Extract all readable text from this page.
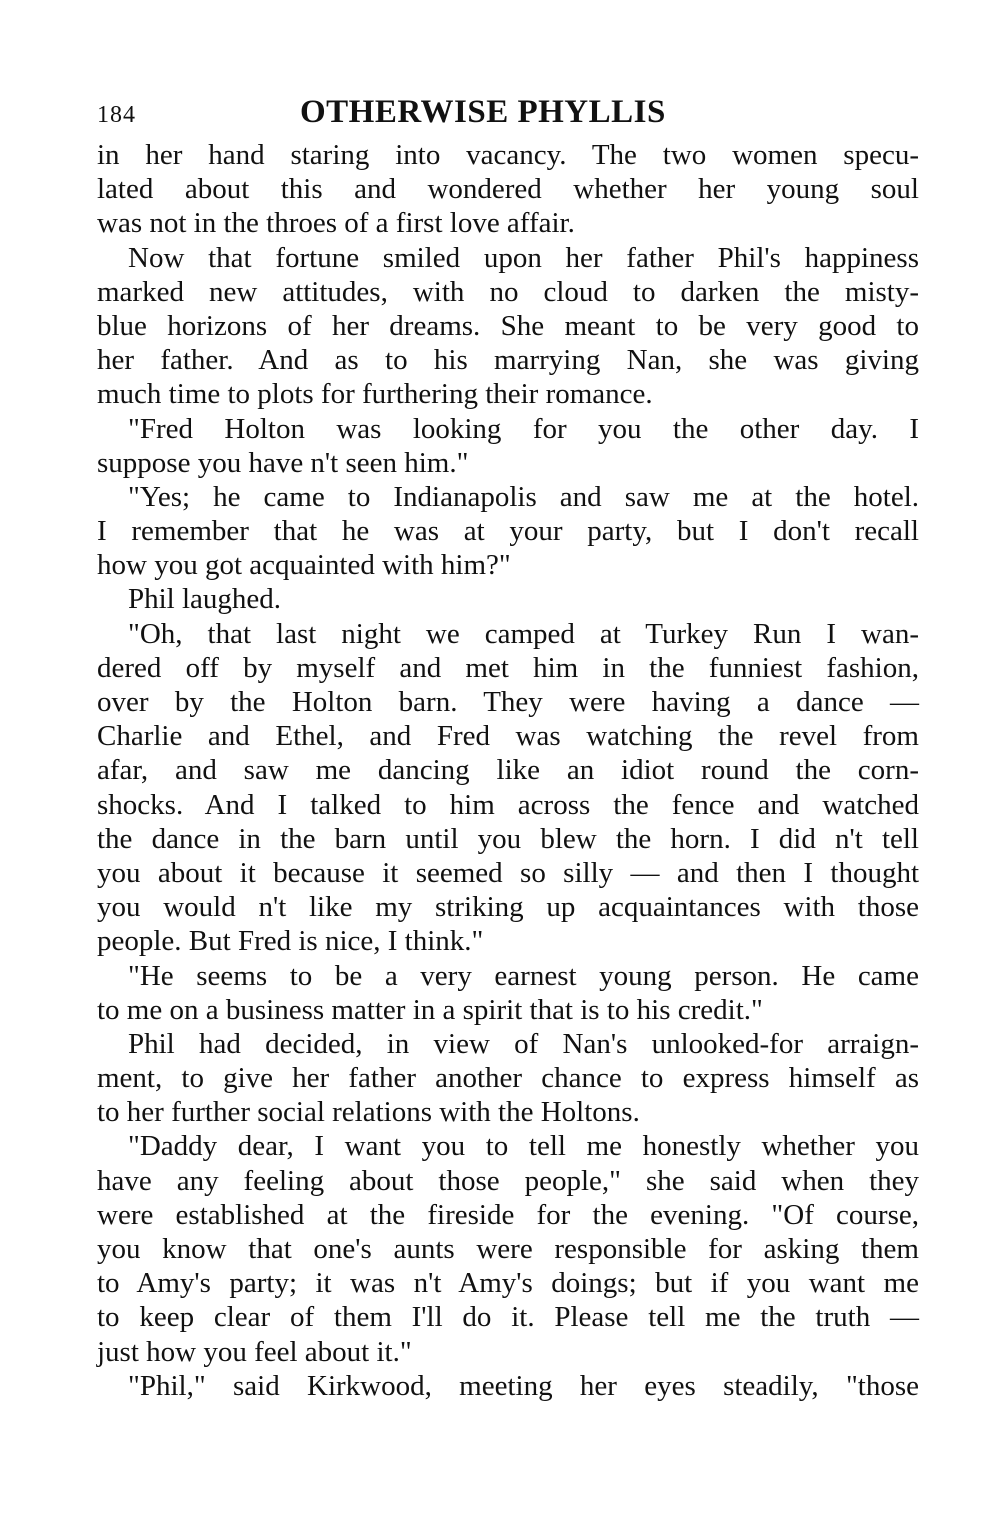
184	OTHERWISE PHYLLIS
in her hand staring into vacancy. The two women specu-
lated about this and wondered whether her young soul
was not in the throes of a first love affair.
Now that fortune smiled upon her father Phil's happiness
marked new attitudes, with no cloud to darken the misty-
blue horizons of her dreams. She meant to be very good to
her father. And as to his marrying Nan, she was giving
much time to plots for furthering their romance.
"Fred Holton was looking for you the other day. I
suppose you have n't seen him."
"Yes; he came to Indianapolis and saw me at the hotel.
I remember that he was at your party, but I don't recall
how you got acquainted with him?"
Phil laughed.
"Oh, that last night we camped at Turkey Run I wan-
dered off by myself and met him in the funniest fashion,
over by the Holton barn. They were having a dance —
Charlie and Ethel, and Fred was watching the revel from
afar, and saw me dancing like an idiot round the corn-
shocks. And I talked to him across the fence and watched
the dance in the barn until you blew the horn. I did n't tell
you about it because it seemed so silly — and then I thought
you would n't like my striking up acquaintances with those
people. But Fred is nice, I think."
"He seems to be a very earnest young person. He came
to me on a business matter in a spirit that is to his credit."
Phil had decided, in view of Nan's unlooked-for arraign-
ment, to give her father another chance to express himself as
to her further social relations with the Holtons.
"Daddy dear, I want you to tell me honestly whether you
have any feeling about those people," she said when they
were established at the fireside for the evening. "Of course,
you know that one's aunts were responsible for asking them
to Amy's party; it was n't Amy's doings; but if you want me
to keep clear of them I'll do it. Please tell me the truth —
just how you feel about it."
"Phil," said Kirkwood, meeting her eyes steadily, "those
